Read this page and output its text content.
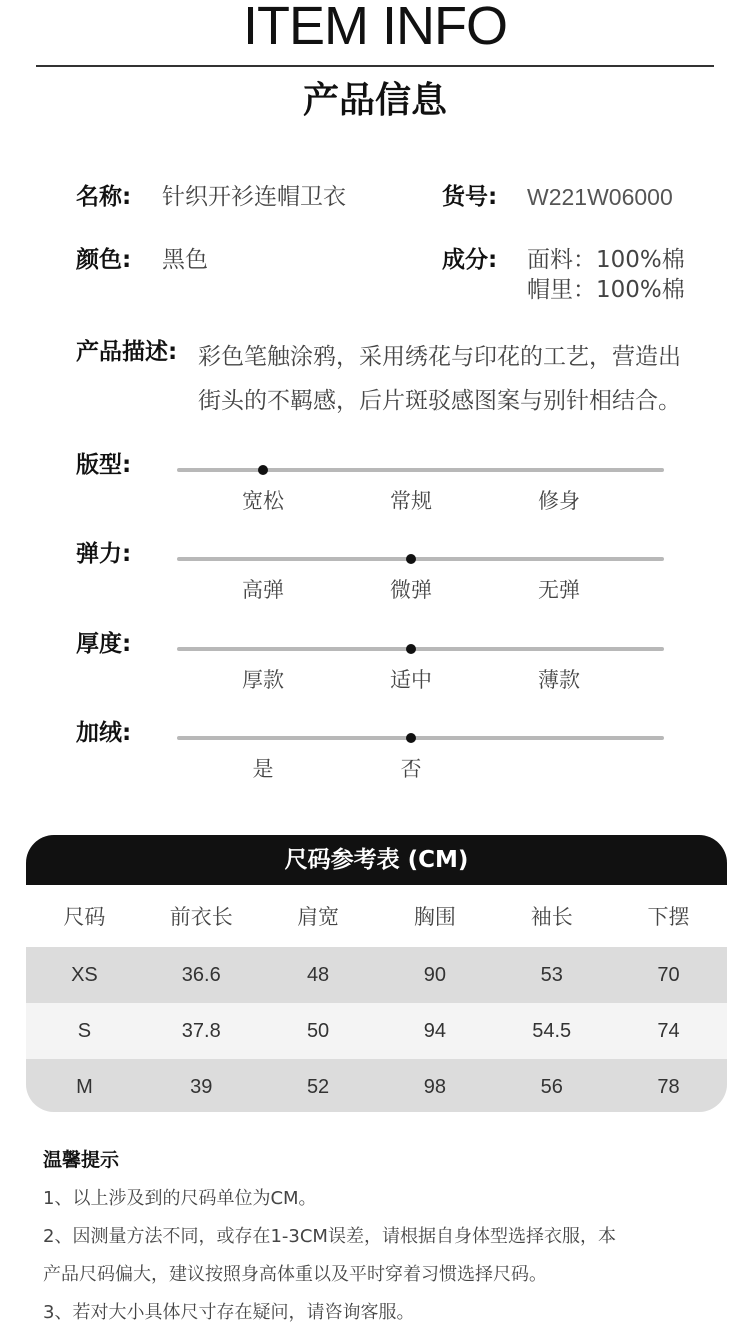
ITEM INFO
产品信息
名称: 针织开衫连帽卫衣	货号: W221W06000
颜色: 黑色	成分: 面料：100%棉
帽里：100%棉
产品描述: 彩色笔触涂鸦，采用绣花与印花的工艺，营造出
街头的不羁感，后片斑驳感图案与别针相结合。
版型:
宽松	常规	修身
弹力:
高弹	微弹	无弹
厚度:
厚款	适中	薄款
加绒:
是	否
尺码参考表 (CM)
尺码	前衣长	肩宽	胸围	袖长	下摆
XS	36.6	48	90	53	70
S	37.8	50	94	54.5	74
M	39	52	98	56	78
温馨提示
1、以上涉及到的尺码单位为CM。
2、因测量方法不同，或存在1-3CM误差，请根据自身体型选择衣服，本
产品尺码偏大，建议按照身高体重以及平时穿着习惯选择尺码。
3、若对大小具体尺寸存在疑问，请咨询客服。
